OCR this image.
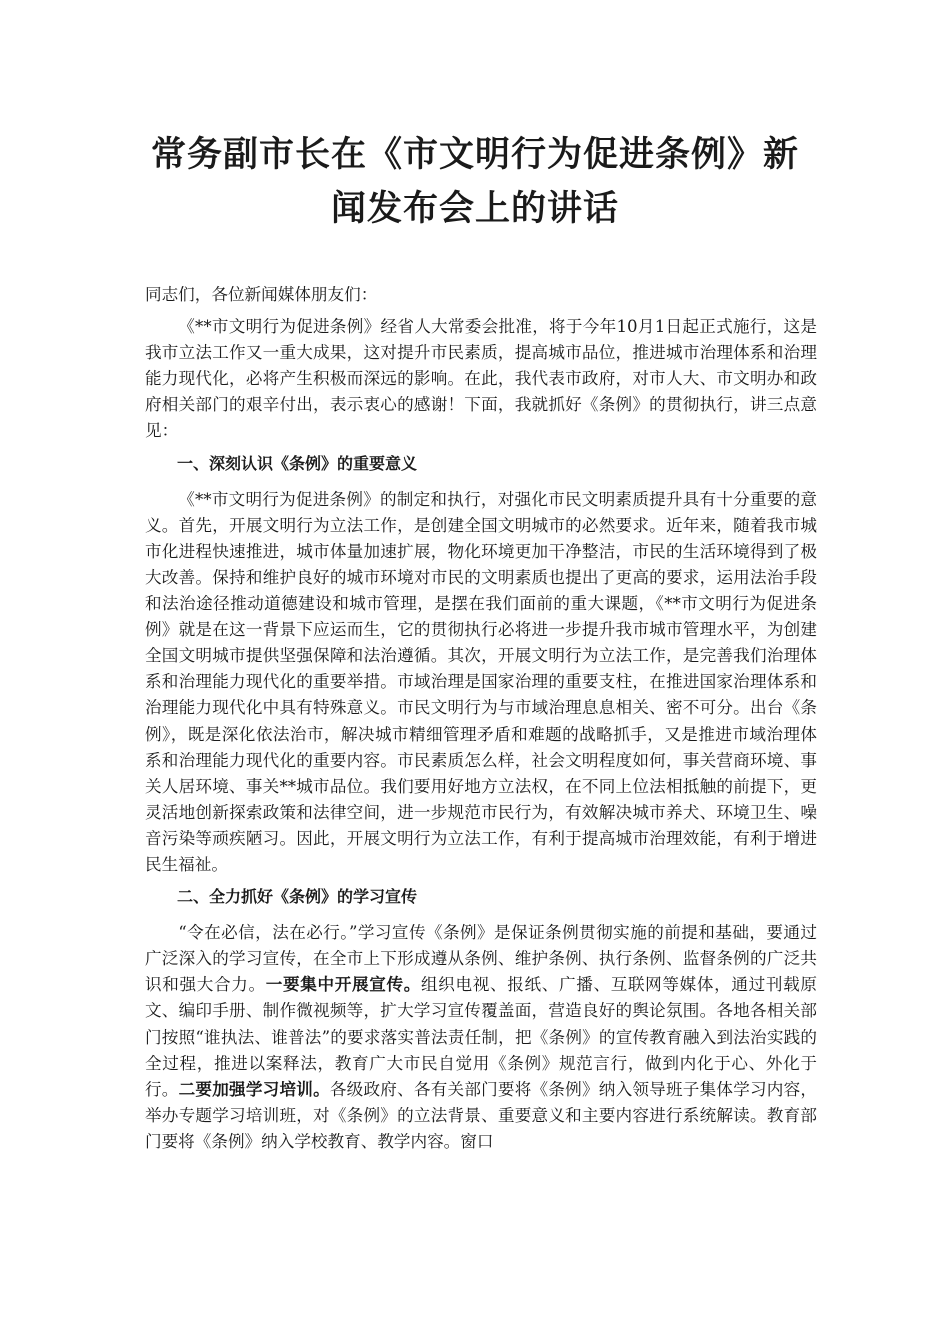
常务副市长在《市文明行为促进条例》新
闻发布会上的讲话

同志们，各位新闻媒体朋友们：

《**市文明行为促进条例》经省人大常委会批准，将于今年10月1日起正式施行，这是我市立法工作又一重大成果，这对提升市民素质，提高城市品位，推进城市治理体系和治理能力现代化，必将产生积极而深远的影响。在此，我代表市政府，对市人大、市文明办和政府相关部门的艰辛付出，表示衷心的感谢！下面，我就抓好《条例》的贯彻执行，讲三点意见：

一、深刻认识《条例》的重要意义

《**市文明行为促进条例》的制定和执行，对强化市民文明素质提升具有十分重要的意义。首先，开展文明行为立法工作，是创建全国文明城市的必然要求。近年来，随着我市城市化进程快速推进，城市体量加速扩展，物化环境更加干净整洁，市民的生活环境得到了极大改善。保持和维护良好的城市环境对市民的文明素质也提出了更高的要求，运用法治手段和法治途径推动道德建设和城市管理，是摆在我们面前的重大课题，《**市文明行为促进条例》就是在这一背景下应运而生，它的贯彻执行必将进一步提升我市城市管理水平，为创建全国文明城市提供坚强保障和法治遵循。其次，开展文明行为立法工作，是完善我们治理体系和治理能力现代化的重要举措。市域治理是国家治理的重要支柱，在推进国家治理体系和治理能力现代化中具有特殊意义。市民文明行为与市域治理息息相关、密不可分。出台《条例》，既是深化依法治市，解决城市精细管理矛盾和难题的战略抓手，又是推进市域治理体系和治理能力现代化的重要内容。市民素质怎么样，社会文明程度如何，事关营商环境、事关人居环境、事关**城市品位。我们要用好地方立法权，在不同上位法相抵触的前提下，更灵活地创新探索政策和法律空间，进一步规范市民行为，有效解决城市养犬、环境卫生、噪音污染等顽疾陋习。因此，开展文明行为立法工作，有利于提高城市治理效能，有利于增进民生福祉。

二、全力抓好《条例》的学习宣传

“令在必信，法在必行。”学习宣传《条例》是保证条例贯彻实施的前提和基础，要通过广泛深入的学习宣传，在全市上下形成遵从条例、维护条例、执行条例、监督条例的广泛共识和强大合力。一要集中开展宣传。组织电视、报纸、广播、互联网等媒体，通过刊载原文、编印手册、制作微视频等，扩大学习宣传覆盖面，营造良好的舆论氛围。各地各相关部门按照“谁执法、谁普法”的要求落实普法责任制，把《条例》的宣传教育融入到法治实践的全过程，推进以案释法，教育广大市民自觉用《条例》规范言行，做到内化于心、外化于行。二要加强学习培训。各级政府、各有关部门要将《条例》纳入领导班子集体学习内容，举办专题学习培训班，对《条例》的立法背景、重要意义和主要内容进行系统解读。教育部门要将《条例》纳入学校教育、教学内容。窗口
